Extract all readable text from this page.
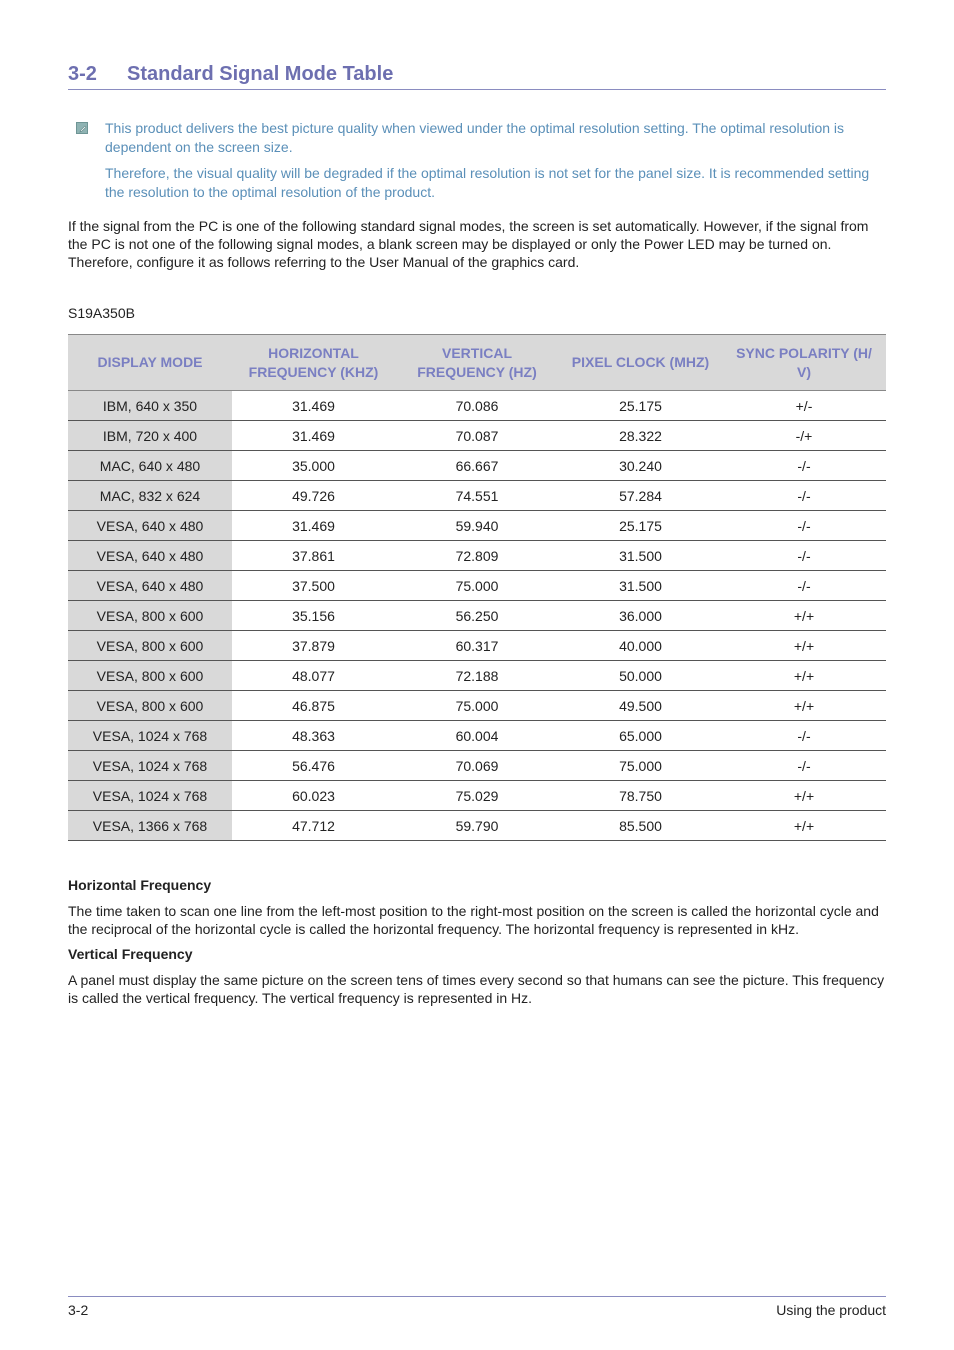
3-2 Standard Signal Mode Table
This product delivers the best picture quality when viewed under the optimal resolution setting. The optimal resolution is dependent on the screen size.
Therefore, the visual quality will be degraded if the optimal resolution is not set for the panel size. It is recommended setting the resolution to the optimal resolution of the product.
If the signal from the PC is one of the following standard signal modes, the screen is set automatically. However, if the signal from the PC is not one of the following signal modes, a blank screen may be displayed or only the Power LED may be turned on. Therefore, configure it as follows referring to the User Manual of the graphics card.
S19A350B
DISPLAY MODE	HORIZONTAL FREQUENCY (KHZ)	VERTICAL FREQUENCY (HZ)	PIXEL CLOCK (MHZ)	SYNC POLARITY (H/ V)
IBM, 640 x 350	31.469	70.086	25.175	+/-
IBM, 720 x 400	31.469	70.087	28.322	-/+
MAC, 640 x 480	35.000	66.667	30.240	-/-
MAC, 832 x 624	49.726	74.551	57.284	-/-
VESA, 640 x 480	31.469	59.940	25.175	-/-
VESA, 640 x 480	37.861	72.809	31.500	-/-
VESA, 640 x 480	37.500	75.000	31.500	-/-
VESA, 800 x 600	35.156	56.250	36.000	+/+
VESA, 800 x 600	37.879	60.317	40.000	+/+
VESA, 800 x 600	48.077	72.188	50.000	+/+
VESA, 800 x 600	46.875	75.000	49.500	+/+
VESA, 1024 x 768	48.363	60.004	65.000	-/-
VESA, 1024 x 768	56.476	70.069	75.000	-/-
VESA, 1024 x 768	60.023	75.029	78.750	+/+
VESA, 1366 x 768	47.712	59.790	85.500	+/+
Horizontal Frequency
The time taken to scan one line from the left-most position to the right-most position on the screen is called the horizontal cycle and the reciprocal of the horizontal cycle is called the horizontal frequency. The horizontal frequency is represented in kHz.
Vertical Frequency
A panel must display the same picture on the screen tens of times every second so that humans can see the picture. This frequency is called the vertical frequency. The vertical frequency is represented in Hz.
3-2	Using the product
